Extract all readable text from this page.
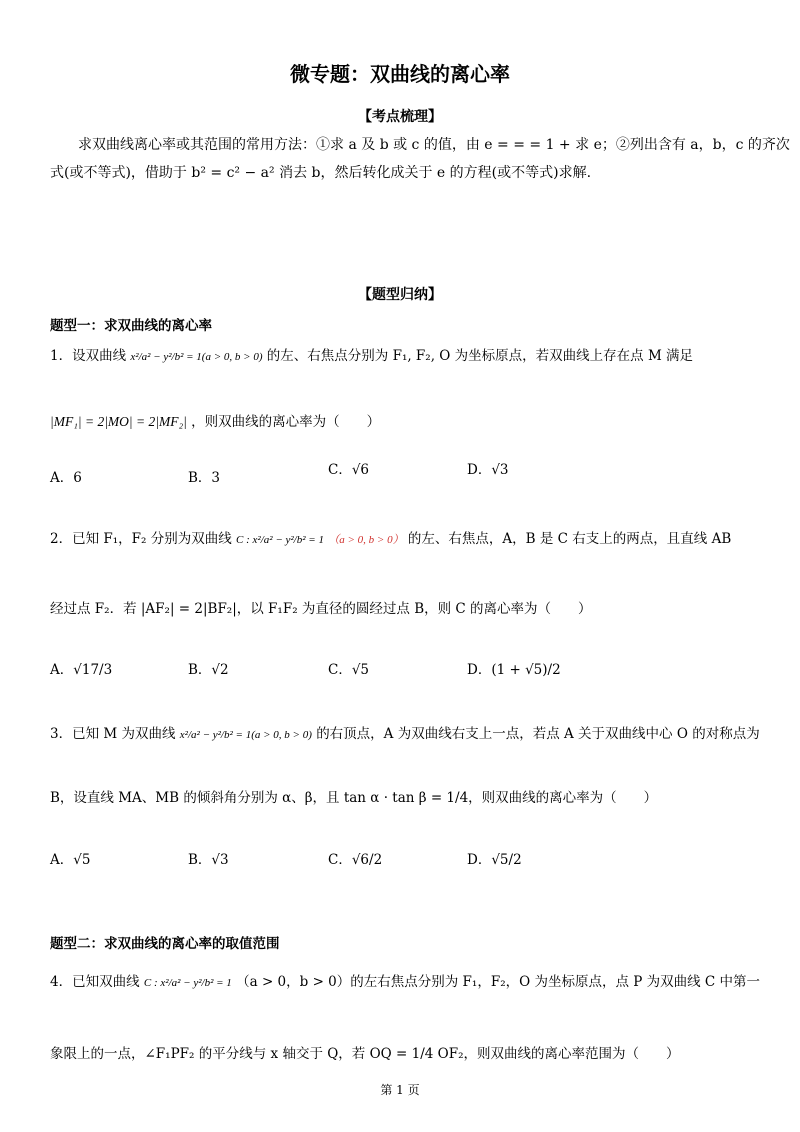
微专题：双曲线的离心率
【考点梳理】
求双曲线离心率或其范围的常用方法：①求 a 及 b 或 c 的值，由 e = = = 1 + 求 e；②列出含有 a，b，c 的齐次
式(或不等式)，借助于 b² = c² − a² 消去 b，然后转化成关于 e 的方程(或不等式)求解.
【题型归纳】
题型一：求双曲线的离心率
1．设双曲线 x²/a² − y²/b² = 1(a > 0, b > 0) 的左、右焦点分别为 F₁, F₂, O 为坐标原点，若双曲线上存在点 M 满足
|MF₁| = 2|MO| = 2|MF₂| ，则双曲线的离心率为（　　）
A．6	B．3	C．√6	D．√3
2．已知 F₁，F₂ 分别为双曲线 C : x²/a² − y²/b² = 1 （a > 0, b > 0） 的左、右焦点，A，B 是 C 右支上的两点，且直线 AB
经过点 F₂．若 |AF₂| = 2|BF₂|，以 F₁F₂ 为直径的圆经过点 B，则 C 的离心率为（　　）
A．√17/3	B．√2	C．√5	D．(1 + √5)/2
3．已知 M 为双曲线 x²/a² − y²/b² = 1(a > 0, b > 0) 的右顶点，A 为双曲线右支上一点，若点 A 关于双曲线中心 O 的对称点为
B，设直线 MA、MB 的倾斜角分别为 α、β，且 tan α · tan β = 1/4，则双曲线的离心率为（　　）
A．√5	B．√3	C．√6/2	D．√5/2
题型二：求双曲线的离心率的取值范围
4．已知双曲线 C : x²/a² − y²/b² = 1 （a > 0，b > 0）的左右焦点分别为 F₁，F₂，O 为坐标原点，点 P 为双曲线 C 中第一
象限上的一点，∠F₁PF₂ 的平分线与 x 轴交于 Q，若 OQ = 1/4 OF₂，则双曲线的离心率范围为（　　）
第 1 页
